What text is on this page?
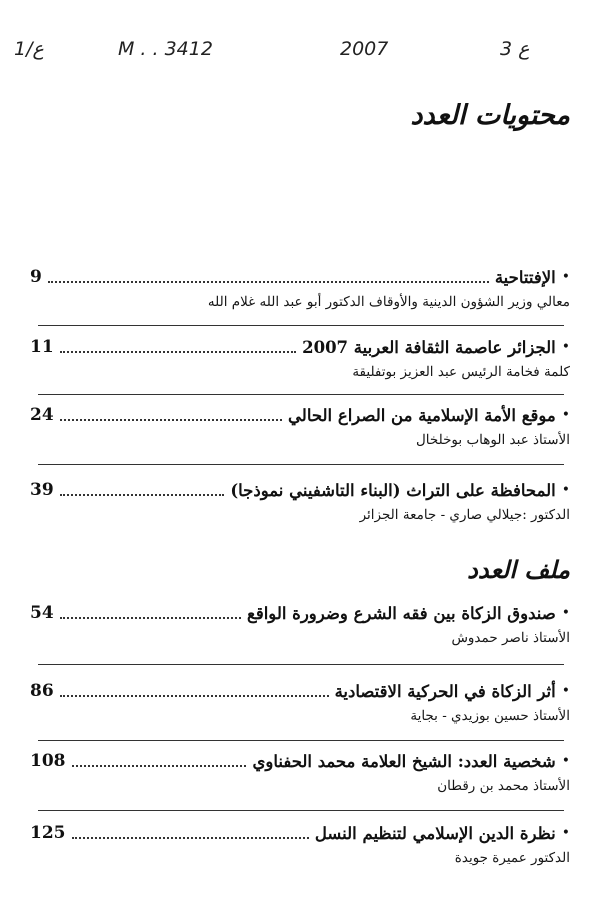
1/ع	M . . 3412	2007	ع 3
محتويات العدد
•
الإفتتاحية
9
معالي وزير الشؤون الدينية والأوقاف الدكتور أبو عبد الله غلام الله
•
الجزائر عاصمة الثقافة العربية 2007
11
كلمة فخامة الرئيس عبد العزيز بوتفليقة
•
موقع الأمة الإسلامية من الصراع الحالي
24
الأستاذ عبد الوهاب بوخلخال
•
المحافظة على التراث (البناء التاشفيني نموذجا)
39
الدكتور :جيلالي صاري - جامعة الجزائر
ملف العدد
•
صندوق الزكاة بين فقه الشرع وضرورة الواقع
54
الأستاذ ناصر حمدوش
•
أثر الزكاة في الحركية الاقتصادية
86
الأستاذ حسين بوزيدي - بجاية
•
شخصية العدد: الشيخ العلامة محمد الحفناوي
108
الأستاذ محمد بن رقطان
•
نظرة الدين الإسلامي لتنظيم النسل
125
الدكتور عميرة جويدة
